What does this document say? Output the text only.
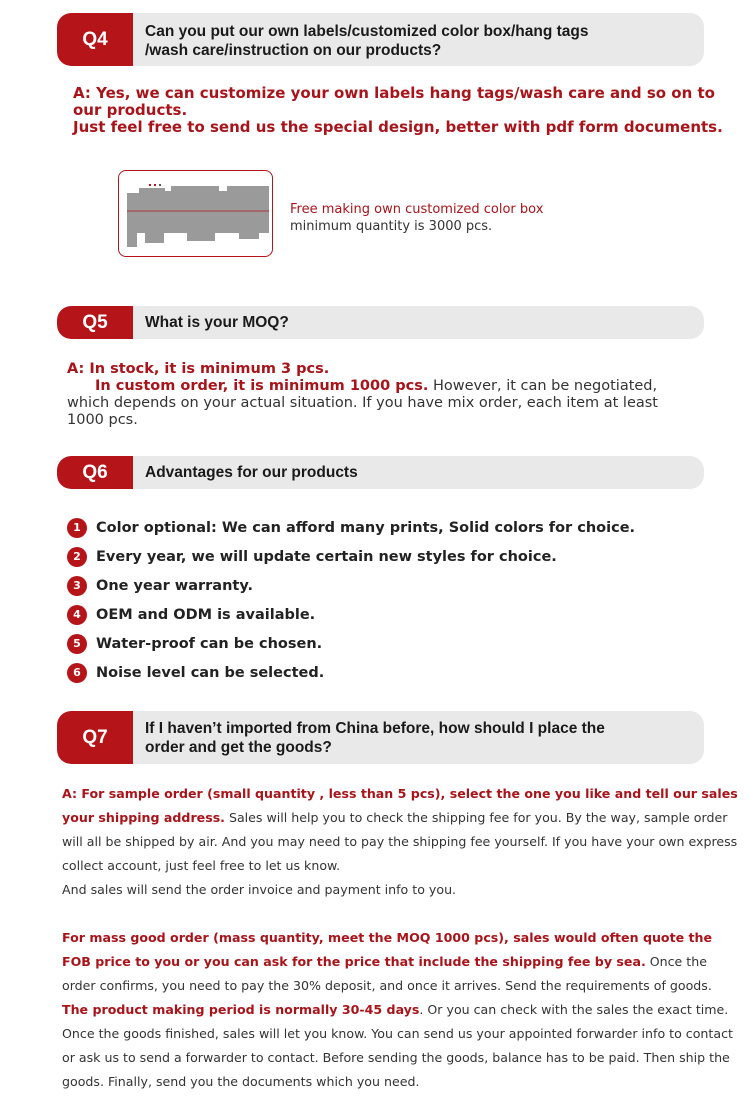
Q4	Can you put our own labels/customized color box/hang tags
/wash care/instruction on our products?
A: Yes, we can customize your own labels hang tags/wash care and so on to
our products.
Just feel free to send us the special design, better with pdf form documents.
Free making own customized color box
minimum quantity is 3000 pcs.
Q5	What is your MOQ?
A: In stock, it is minimum 3 pcs.
In custom order, it is minimum 1000 pcs. However, it can be negotiated,
which depends on your actual situation. If you have mix order, each item at least
1000 pcs.
Q6	Advantages for our products
1	Color optional: We can afford many prints, Solid colors for choice.
2	Every year, we will update certain new styles for choice.
3	One year warranty.
4	OEM and ODM is available.
5	Water-proof can be chosen.
6	Noise level can be selected.
Q7	If I haven’t imported from China before, how should I place the
order and get the goods?
A: For sample order (small quantity , less than 5 pcs), select the one you like and tell our sales your shipping address. Sales will help you to check the shipping fee for you. By the way, sample order will all be shipped by air. And you may need to pay the shipping fee yourself. If you have your own express collect account, just feel free to let us know.
And sales will send the order invoice and payment info to you.
For mass good order (mass quantity, meet the MOQ 1000 pcs), sales would often quote the FOB price to you or you can ask for the price that include the shipping fee by sea. Once the order confirms, you need to pay the 30% deposit, and once it arrives. Send the requirements of goods. The product making period is normally 30-45 days. Or you can check with the sales the exact time. Once the goods finished, sales will let you know. You can send us your appointed forwarder info to contact or ask us to send a forwarder to contact. Before sending the goods, balance has to be paid. Then ship the goods. Finally, send you the documents which you need.
